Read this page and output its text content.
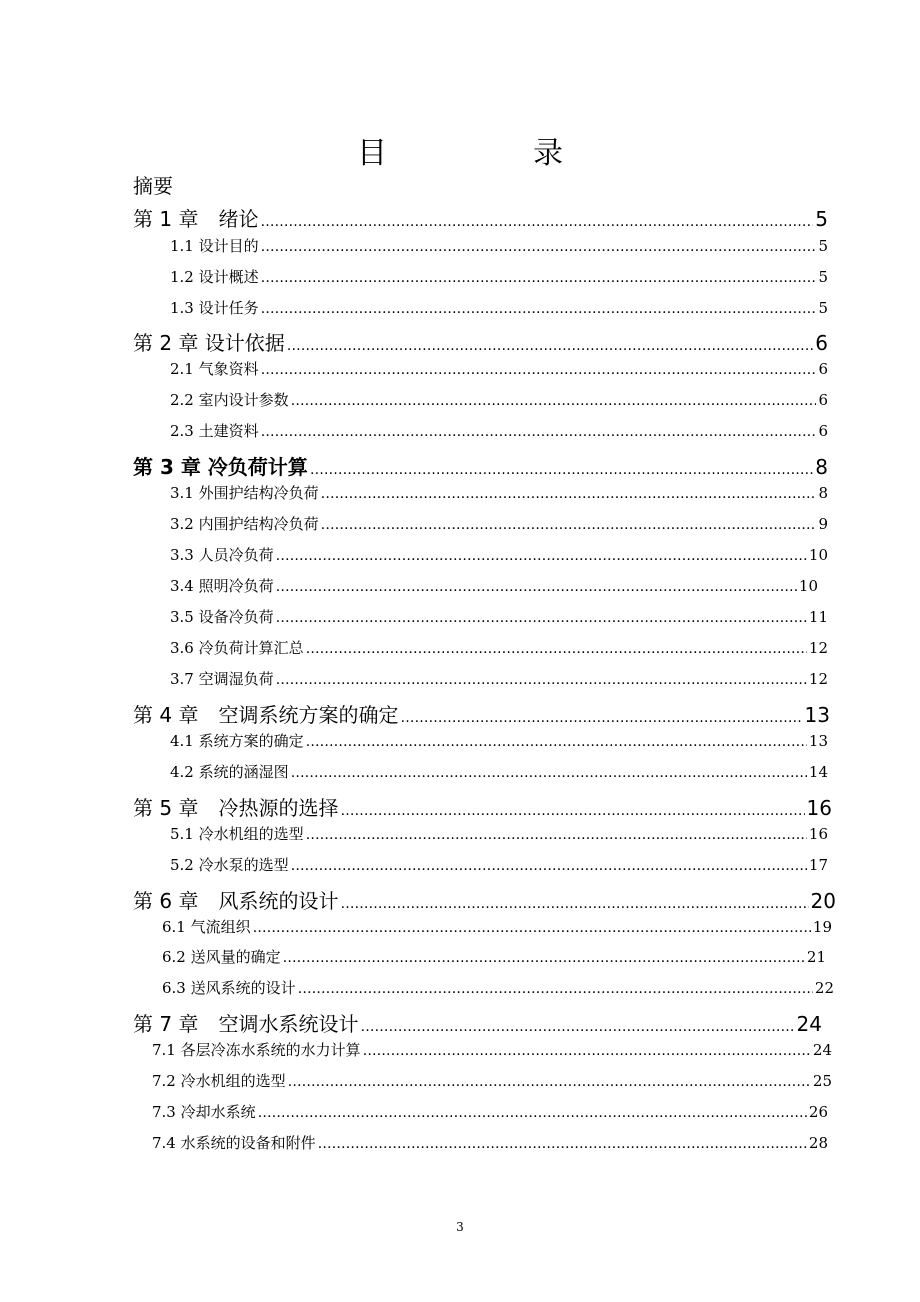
目　录
摘要
第 1 章　绪论 ……………………………………………………………………………………………………………………………………………………………………………………	5
1.1 设计目的 ……………………………………………………………………………………………………………………………………………………………………………………	5
1.2 设计概述 ……………………………………………………………………………………………………………………………………………………………………………………	5
1.3 设计任务 ……………………………………………………………………………………………………………………………………………………………………………………	5
第 2 章 设计依据 ……………………………………………………………………………………………………………………………………………………………………………………	6
2.1 气象资料 ……………………………………………………………………………………………………………………………………………………………………………………	6
2.2 室内设计参数 ……………………………………………………………………………………………………………………………………………………………………………………	6
2.3 土建资料 ……………………………………………………………………………………………………………………………………………………………………………………	6
第 3 章 冷负荷计算 ……………………………………………………………………………………………………………………………………………………………………………………	8
3.1 外围护结构冷负荷 ……………………………………………………………………………………………………………………………………………………………………………………	8
3.2 内围护结构冷负荷 ……………………………………………………………………………………………………………………………………………………………………………………	9
3.3 人员冷负荷 ……………………………………………………………………………………………………………………………………………………………………………………	10
3.4 照明冷负荷 ……………………………………………………………………………………………………………………………………………………………………………………	10
3.5 设备冷负荷 ……………………………………………………………………………………………………………………………………………………………………………………	11
3.6 冷负荷计算汇总 ……………………………………………………………………………………………………………………………………………………………………………………	12
3.7 空调湿负荷 ……………………………………………………………………………………………………………………………………………………………………………………	12
第 4 章　空调系统方案的确定 ……………………………………………………………………………………………………………………………………………………………………………………	13
4.1 系统方案的确定 ……………………………………………………………………………………………………………………………………………………………………………………	13
4.2 系统的涵湿图 ……………………………………………………………………………………………………………………………………………………………………………………	14
第 5 章　冷热源的选择 ……………………………………………………………………………………………………………………………………………………………………………………	16
5.1 冷水机组的选型 ……………………………………………………………………………………………………………………………………………………………………………………	16
5.2 冷水泵的选型 ……………………………………………………………………………………………………………………………………………………………………………………	17
第 6 章　风系统的设计 ……………………………………………………………………………………………………………………………………………………………………………………	20
6.1 气流组织 ……………………………………………………………………………………………………………………………………………………………………………………	19
6.2 送风量的确定 ……………………………………………………………………………………………………………………………………………………………………………………	21
6.3 送风系统的设计 ……………………………………………………………………………………………………………………………………………………………………………………	22
第 7 章　空调水系统设计 ……………………………………………………………………………………………………………………………………………………………………………………	24
7.1 各层冷冻水系统的水力计算 ……………………………………………………………………………………………………………………………………………………………………………………	24
7.2 冷水机组的选型 ……………………………………………………………………………………………………………………………………………………………………………………	25
7.3 冷却水系统 ……………………………………………………………………………………………………………………………………………………………………………………	26
7.4 水系统的设备和附件 ……………………………………………………………………………………………………………………………………………………………………………………	28
3
